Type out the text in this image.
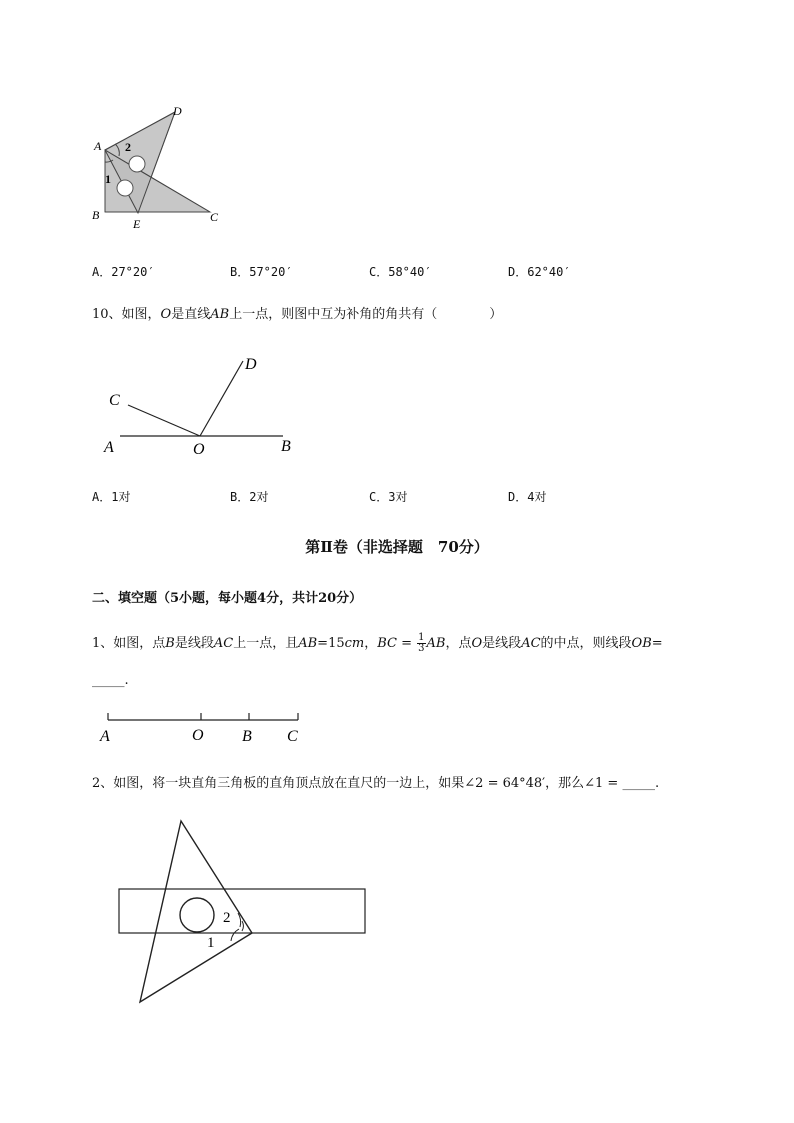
D
A 2
1
B
E	C
A．27°20′	B．57°20′	C．58°40′	D．62°40′
10、如图，O是直线AB上一点，则图中互为补角的角共有（　　　　）
D
C
A	O	B
A．1对	B．2对	C．3对	D．4对
第Ⅱ卷（非选择题　70分）
二、填空题（5小题，每小题4分，共计20分）
1、如图，点B是线段AC上一点，且AB=15cm，BC = $\frac{1}{3}$ AB，点O是线段AC的中点，则线段OB=
_____.
A	O B C
2、如图，将一块直角三角板的直角顶点放在直尺的一边上，如果∠2 = 64°48′，那么∠1 = _____.
2
1
